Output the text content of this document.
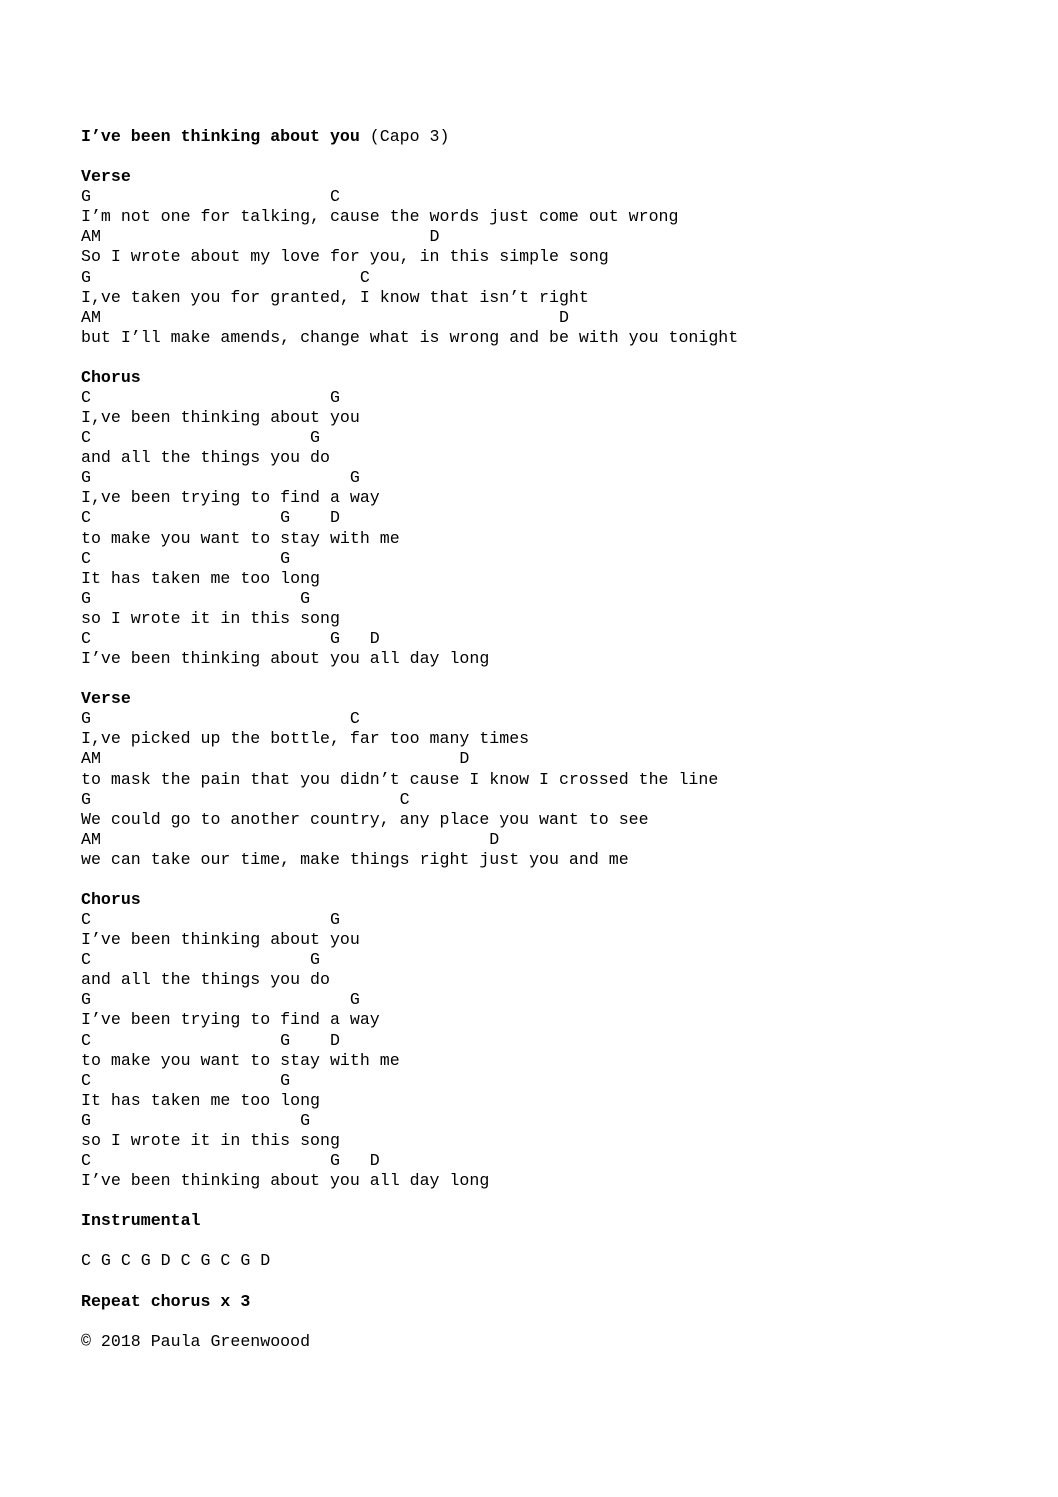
I’ve been thinking about you (Capo 3)
Verse
G                        C
I’m not one for talking, cause the words just come out wrong
AM                                 D
So I wrote about my love for you, in this simple song
G                           C
I,ve taken you for granted, I know that isn’t right
AM                                              D
but I’ll make amends, change what is wrong and be with you tonight
Chorus
C                        G
I,ve been thinking about you
C                      G
and all the things you do
G                          G
I,ve been trying to find a way
C                   G    D
to make you want to stay with me
C                   G
It has taken me too long
G                     G
so I wrote it in this song
C                        G   D
I’ve been thinking about you all day long
Verse
G                          C
I,ve picked up the bottle, far too many times
AM                                    D
to mask the pain that you didn’t cause I know I crossed the line
G                               C
We could go to another country, any place you want to see
AM                                       D
we can take our time, make things right just you and me
Chorus
C                        G
I’ve been thinking about you
C                      G
and all the things you do
G                          G
I’ve been trying to find a way
C                   G    D
to make you want to stay with me
C                   G
It has taken me too long
G                     G
so I wrote it in this song
C                        G   D
I’ve been thinking about you all day long
Instrumental
C G C G D C G C G D
Repeat chorus x 3
© 2018 Paula Greenwoood
